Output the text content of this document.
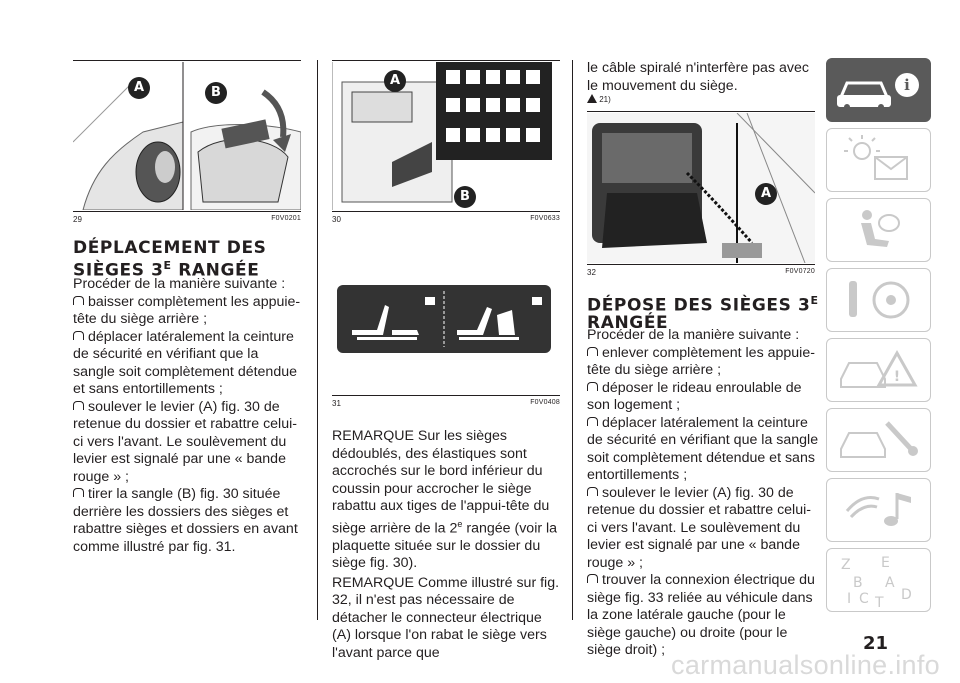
A	B
29	F0V0201
DÉPLACEMENT DES
SIÈGES $3^E$ RANGÉE

Procéder de la manière suivante :

baisser complètement les appuie-tête du siège arrière ;

déplacer latéralement la ceinture de sécurité en vérifiant que la sangle soit complètement détendue et sans entortillements ;

soulever le levier (A) fig. 30 de retenue du dossier et rabattre celui-ci vers l'avant. Le soulèvement du levier est signalé par une « bande rouge » ;

tirer la sangle (B) fig. 30 située derrière les dossiers des sièges et rabattre sièges et dossiers en avant comme illustré par fig. 31.

A
B
30	F0V0633
31	F0V0408

REMARQUE Sur les sièges dédoublés, des élastiques sont accrochés sur le bord inférieur du coussin pour accrocher le siège rabattu aux tiges de l'appui-tête du siège arrière de la 2e rangée (voir la plaquette située sur le dossier du siège fig. 30).

REMARQUE Comme illustré sur fig. 32, il n'est pas nécessaire de détacher le connecteur électrique (A) lorsque l'on rabat le siège vers l'avant parce que

le câble spiralé n'interfère pas avec le mouvement du siège.

21)
A
32	F0V0720
DÉPOSE DES SIÈGES $3^E$
RANGÉE

Procéder de la manière suivante :

enlever complètement les appuie-tête du siège arrière ;

déposer le rideau enroulable de son logement ;

déplacer latéralement la ceinture de sécurité en vérifiant que la sangle soit complètement détendue et sans entortillements ;

soulever le levier (A) fig. 30 de retenue du dossier et rabattre celui-ci vers l'avant. Le soulèvement du levier est signalé par une « bande rouge » ;

trouver la connexion électrique du siège fig. 33 reliée au véhicule dans la zone latérale gauche (pour le siège gauche) ou droite (pour le siège droit) ;

i
!
Z E
B A
I C T D
21
carmanualsonline.info
